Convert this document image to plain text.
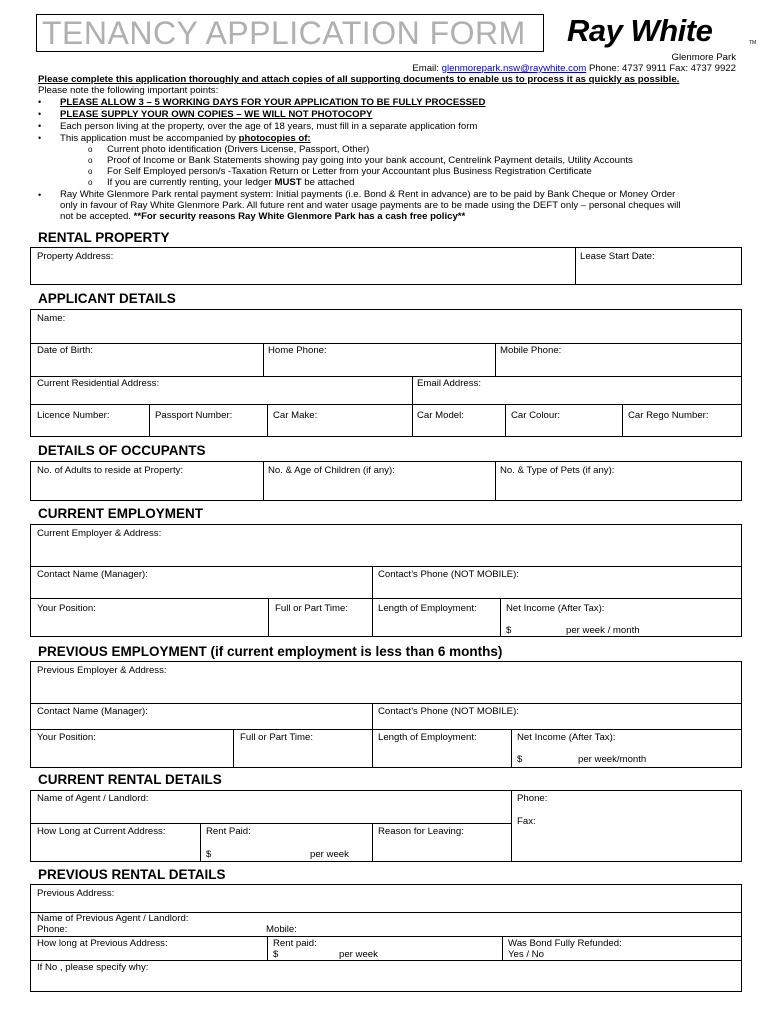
TENANCY APPLICATION FORM Ray White	TM
Glenmore Park
Email: glenmorepark.nsw@raywhite.com Phone: 4737 9911 Fax: 4737 9922
Please complete this application thoroughly and attach copies of all supporting documents to enable us to process it as quickly as possible.
Please note the following important points:
• PLEASE ALLOW 3 – 5 WORKING DAYS FOR YOUR APPLICATION TO BE FULLY PROCESSED
• PLEASE SUPPLY YOUR OWN COPIES – WE WILL NOT PHOTOCOPY
• Each person living at the property, over the age of 18 years, must fill in a separate application form
• This application must be accompanied by photocopies of:
o Current photo identification (Drivers License, Passport, Other)
o Proof of Income or Bank Statements showing pay going into your bank account, Centrelink Payment details, Utility Accounts
o For Self Employed person/s -Taxation Return or Letter from your Accountant plus Business Registration Certificate
o If you are currently renting, your ledger MUST be attached
• Ray White Glenmore Park rental payment system: Initial payments (i.e. Bond & Rent in advance) are to be paid by Bank Cheque or Money Order
only in favour of Ray White Glenmore Park. All future rent and water usage payments are to be made using the DEFT only – personal cheques will
not be accepted. **For security reasons Ray White Glenmore Park has a cash free policy**
RENTAL PROPERTY
Property Address:	Lease Start Date:
APPLICANT DETAILS
Name:
Date of Birth:	Home Phone:	Mobile Phone:
Current Residential Address:	Email Address:
Licence Number:	Passport Number:	Car Make:	Car Model:	Car Colour:	Car Rego Number:
DETAILS OF OCCUPANTS
No. of Adults to reside at Property:	No. & Age of Children (if any):	No. & Type of Pets (if any):
CURRENT EMPLOYMENT
Current Employer & Address:
Contact Name (Manager):	Contact’s Phone (NOT MOBILE):
Your Position:	Full or Part Time:	Length of Employment:	Net Income (After Tax):
$	per week / month
PREVIOUS EMPLOYMENT (if current employment is less than 6 months)
Previous Employer & Address:
Contact Name (Manager):	Contact’s Phone (NOT MOBILE):
Your Position:	Full or Part Time:	Length of Employment:	Net Income (After Tax):
$	per week/month
CURRENT RENTAL DETAILS
Name of Agent / Landlord:	Phone:
Fax:
How Long at Current Address:	Rent Paid:	Reason for Leaving:
$	per week
PREVIOUS RENTAL DETAILS
Previous Address:
Name of Previous Agent / Landlord:
Phone:	Mobile:
How long at Previous Address:	Rent paid:
$	per week
Was Bond Fully Refunded:
Yes / No
If No , please specify why:
